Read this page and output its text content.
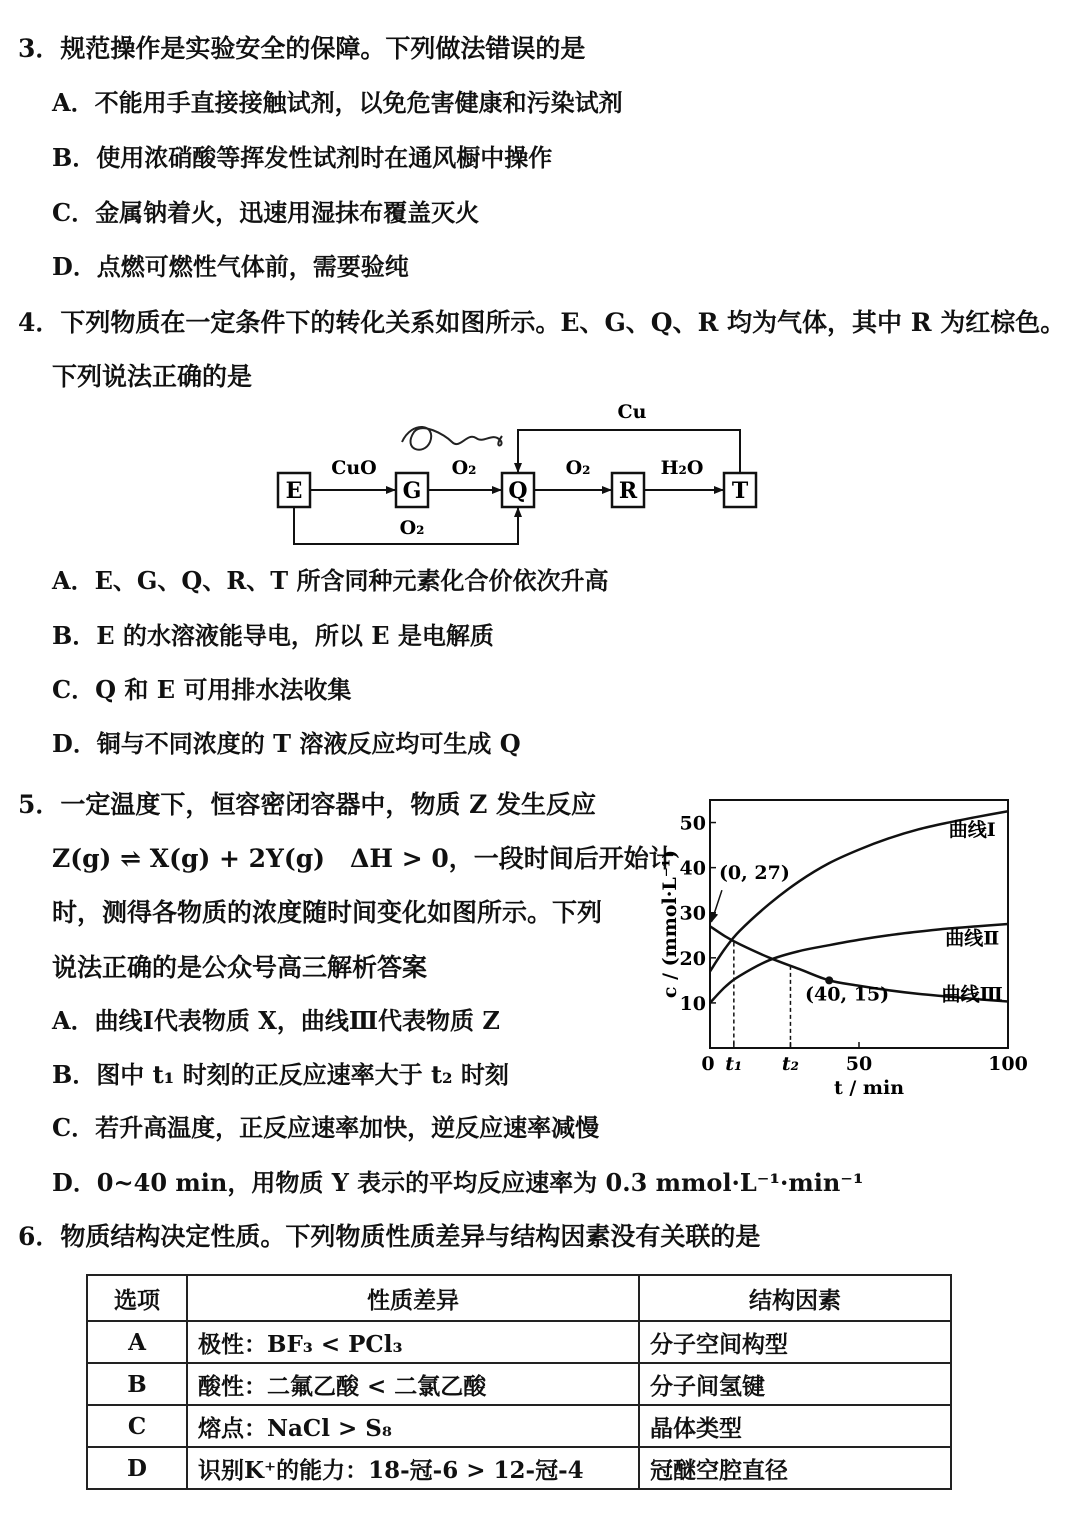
3．规范操作是实验安全的保障。下列做法错误的是
A．不能用手直接接触试剂，以免危害健康和污染试剂
B．使用浓硝酸等挥发性试剂时在通风橱中操作
C．金属钠着火，迅速用湿抹布覆盖灭火
D．点燃可燃性气体前，需要验纯
4．下列物质在一定条件下的转化关系如图所示。E、G、Q、R 均为气体，其中 R 为红棕色。
下列说法正确的是
E	G	Q	R	T
CuO	O₂	O₂	H₂O
Cu
O₂
A．E、G、Q、R、T 所含同种元素化合价依次升高
B．E 的水溶液能导电，所以 E 是电解质
C．Q 和 E 可用排水法收集
D．铜与不同浓度的 T 溶液反应均可生成 Q
5．一定温度下，恒容密闭容器中，物质 Z 发生反应
Z(g) ⇌ X(g) + 2Y(g)　ΔH > 0，一段时间后开始计
时，测得各物质的浓度随时间变化如图所示。下列
说法正确的是公众号高三解析答案
A．曲线Ⅰ代表物质 X，曲线Ⅲ代表物质 Z
B．图中 t₁ 时刻的正反应速率大于 t₂ 时刻
C．若升高温度，正反应速率加快，逆反应速率减慢
D．0~40 min，用物质 Y 表示的平均反应速率为 0.3 mmol·L⁻¹·min⁻¹
10
20
30
40
50
0 t₁ t₂ 50	100
t / min
c / (mmol·L⁻¹)
曲线Ⅰ
曲线Ⅱ
曲线Ⅲ
(40, 15)
(0, 27)
6．物质结构决定性质。下列物质性质差异与结构因素没有关联的是
选项	性质差异	结构因素
A	极性：BF₃ < PCl₃	分子空间构型
B	酸性：二氟乙酸 < 二氯乙酸	分子间氢键
C	熔点：NaCl > S₈	晶体类型
D	识别K⁺的能力：18-冠-6 > 12-冠-4	冠醚空腔直径
